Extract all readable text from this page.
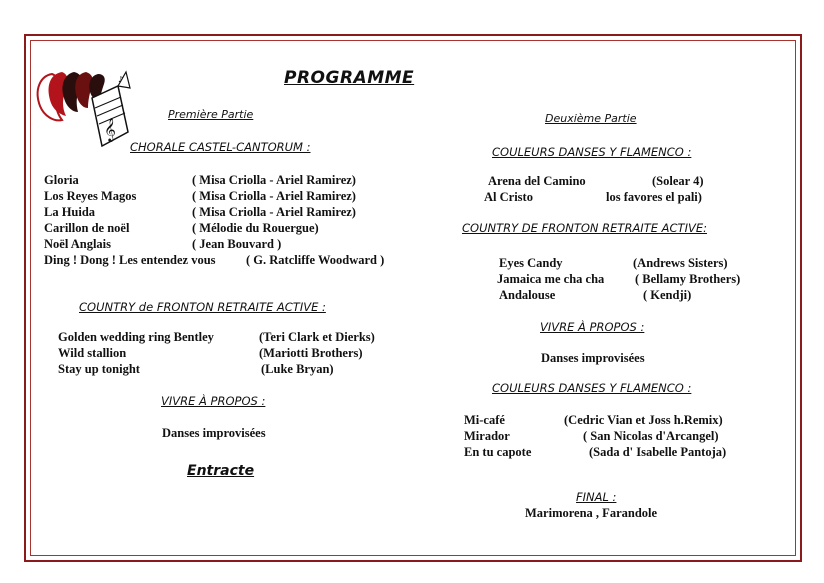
𝄞
♪	PROGRAMME
Première Partie
CHORALE CASTEL-CANTORUM :
Gloria	( Misa Criolla - Ariel Ramirez)
Los Reyes Magos	( Misa Criolla - Ariel Ramirez)
La Huida	( Misa Criolla - Ariel Ramirez)
Carillon de noël	( Mélodie du Rouergue)
Noël Anglais	( Jean Bouvard )
Ding ! Dong ! Les entendez vous ( G. Ratcliffe Woodward )
COUNTRY de FRONTON RETRAITE ACTIVE :
Golden wedding ring Bentley	(Teri Clark et Dierks)
Wild stallion	(Mariotti Brothers)
Stay up tonight	(Luke Bryan)
VIVRE À PROPOS :
Danses improvisées
Entracte
Deuxième Partie
COULEURS DANSES Y FLAMENCO :
Arena del Camino	(Solear 4)
Al Cristo	los favores el pali)
COUNTRY DE FRONTON RETRAITE ACTIVE:
Eyes Candy	(Andrews Sisters)
Jamaica me cha cha ( Bellamy Brothers)
Andalouse	( Kendji)
VIVRE À PROPOS :
Danses improvisées
COULEURS DANSES Y FLAMENCO :
Mi-café	(Cedric Vian et Joss h.Remix)
Mirador	( San Nicolas d'Arcangel)
En tu capote	(Sada d' Isabelle Pantoja)
FINAL :
Marimorena , Farandole
